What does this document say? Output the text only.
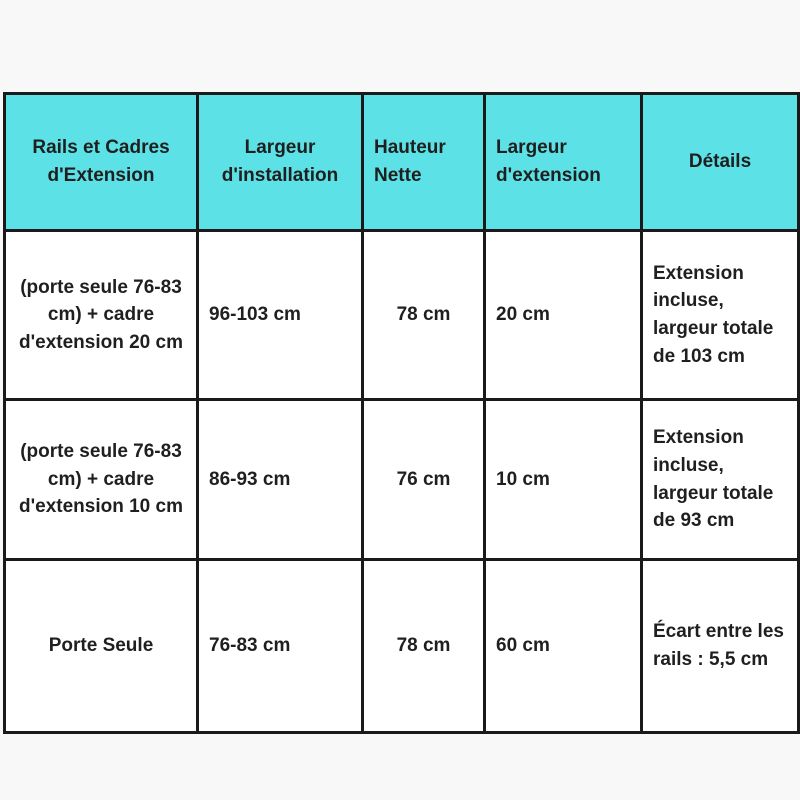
Rails et Cadres d'Extension	Largeur d'installation	Hauteur Nette	Largeur d'extension	Détails
(porte seule 76-83 cm) + cadre d'extension 20 cm	96-103 cm	78 cm	20 cm	Extension incluse, largeur totale de 103 cm
(porte seule 76-83 cm) + cadre d'extension 10 cm	86-93 cm	76 cm	10 cm	Extension incluse, largeur totale de 93 cm
Porte Seule	76-83 cm	78 cm	60 cm	Écart entre les rails : 5,5 cm
